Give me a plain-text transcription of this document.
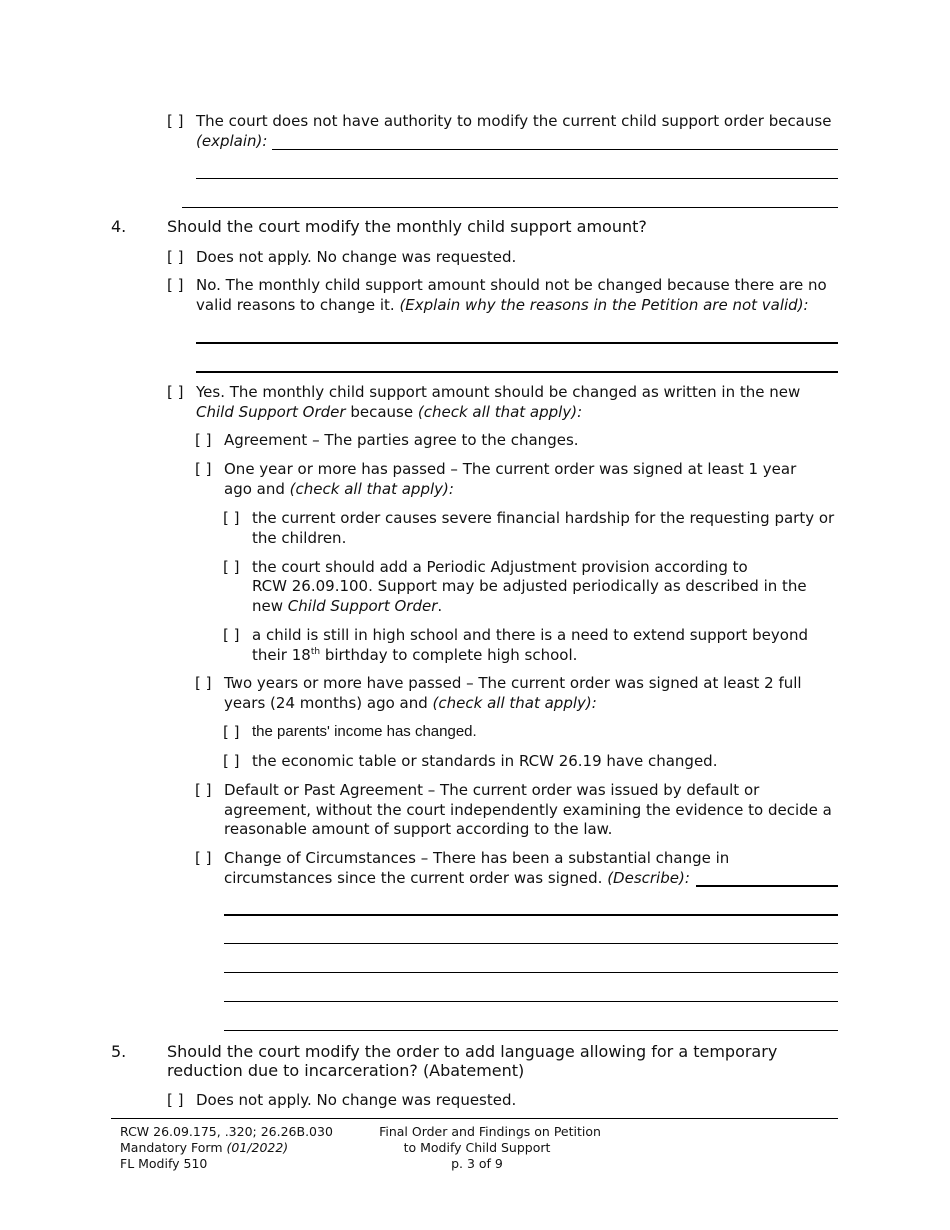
[ ] The court does not have authority to modify the current child support order because
(explain):
4.	Should the court modify the monthly child support amount?
[ ] Does not apply. No change was requested.
[ ] No. The monthly child support amount should not be changed because there are no
valid reasons to change it. (Explain why the reasons in the Petition are not valid):
[ ] Yes. The monthly child support amount should be changed as written in the new
Child Support Order because (check all that apply):
[ ] Agreement – The parties agree to the changes.
[ ] One year or more has passed – The current order was signed at least 1 year
ago and (check all that apply):
[ ] the current order causes severe financial hardship for the requesting party or
the children.
[ ] the court should add a Periodic Adjustment provision according to
RCW 26.09.100. Support may be adjusted periodically as described in the
new Child Support Order.
[ ] a child is still in high school and there is a need to extend support beyond
their 18th birthday to complete high school.
[ ] Two years or more have passed – The current order was signed at least 2 full
years (24 months) ago and (check all that apply):
[ ] the parents' income has changed.
[ ] the economic table or standards in RCW 26.19 have changed.
[ ] Default or Past Agreement – The current order was issued by default or
agreement, without the court independently examining the evidence to decide a
reasonable amount of support according to the law.
[ ] Change of Circumstances – There has been a substantial change in
circumstances since the current order was signed. (Describe):
5.	Should the court modify the order to add language allowing for a temporary
reduction due to incarceration? (Abatement)
[ ] Does not apply. No change was requested.
RCW 26.09.175, .320; 26.26B.030
Mandatory Form (01/2022)
FL Modify 510
Final Order and Findings on Petition
to Modify Child Support
p. 3 of 9
